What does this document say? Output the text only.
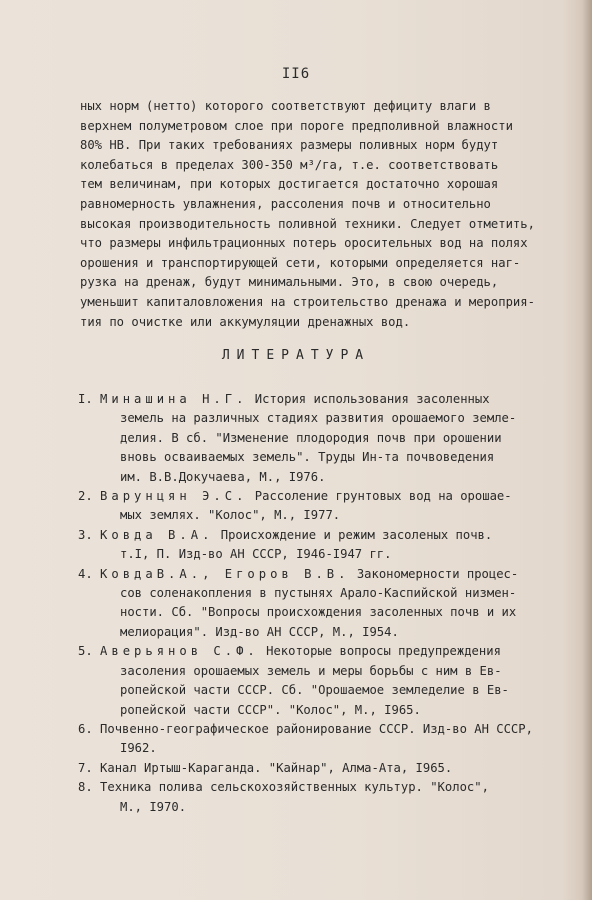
II6
ных норм (нетто) которого соответствуют дефициту влаги в
верхнем полуметровом слое при пороге предполивной влажности
80% НВ. При таких требованиях размеры поливных норм будут
колебаться в пределах 300-350 м³/га, т.е. соответствовать
тем величинам, при которых достигается достаточно хорошая
равномерность увлажнения, рассоления почв и относительно
высокая производительность поливной техники. Следует отметить,
что размеры инфильтрационных потерь оросительных вод на полях
орошения и транспортирующей сети, которыми определяется наг-
рузка на дренаж, будут минимальными. Это, в свою очередь,
уменьшит капиталовложения на строительство дренажа и мероприя-
тия по очистке или аккумуляции дренажных вод.
ЛИТЕРАТУРА
I. Минашина Н.Г. История использования засоленных
земель на различных стадиях развития орошаемого земле-
делия. В сб. "Изменение плодородия почв при орошении
вновь осваиваемых земель". Труды Ин-та почвоведения
им. В.В.Докучаева, М., I976.
2. Варунцян Э.С. Рассоление грунтовых вод на орошае-
мых землях. "Колос", М., I977.
3. Ковда В.А. Происхождение и режим засоленых почв.
т.I, П. Изд-во АН СССР, I946-I947 гг.
4. КовдаВ.А., Егоров В.В. Закономерности процес-
сов соленакопления в пустынях Арало-Каспийской низмен-
ности. Сб. "Вопросы происхождения засоленных почв и их
мелиорация". Изд-во АН СССР, М., I954.
5. Аверьянов С.Ф. Некоторые вопросы предупреждения
засоления орошаемых земель и меры борьбы с ним в Ев-
ропейской части СССР. Сб. "Орошаемое земледелие в Ев-
ропейской части СССР". "Колос", М., I965.
6. Почвенно-географическое районирование СССР. Изд-во АН СССР,
I962.
7. Канал Иртыш-Караганда. "Кайнар", Алма-Ата, I965.
8. Техника полива сельскохозяйственных культур. "Колос",
М., I970.
